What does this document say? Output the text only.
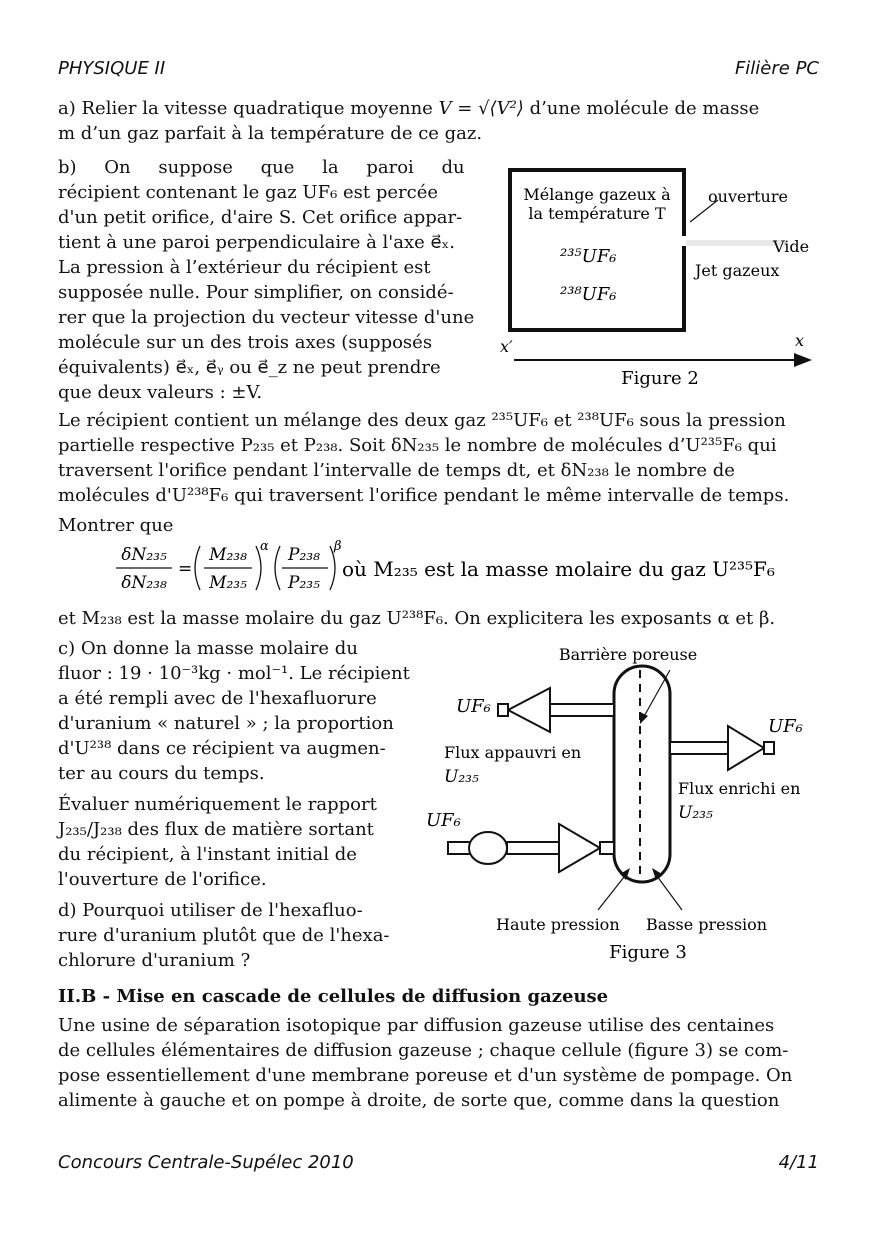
PHYSIQUE II	Filière PC
a) Relier la vitesse quadratique moyenne V = √⟨V²⟩ d’une molécule de masse
m d’un gaz parfait à la température de ce gaz.

b) On suppose que la paroi du

récipient contenant le gaz UF₆ est percée

d'un petit orifice, d'aire S. Cet orifice appar-

tient à une paroi perpendiculaire à l'axe e⃗ₓ.

La pression à l’extérieur du récipient est

supposée nulle. Pour simplifier, on considé-

rer que la projection du vecteur vitesse d'une

molécule sur un des trois axes (supposés

équivalents) e⃗ₓ, e⃗ᵧ ou e⃗_z ne peut prendre

que deux valeurs : ±V.

Mélange gazeux à
la température T
²³⁵UF₆
²³⁸UF₆
ouverture
Vide
Jet gazeux
x′	x
Figure 2

Le récipient contient un mélange des deux gaz ²³⁵UF₆ et ²³⁸UF₆ sous la pression

partielle respective P₂₃₅ et P₂₃₈. Soit δN₂₃₅ le nombre de molécules d’U²³⁵F₆ qui

traversent l'orifice pendant l’intervalle de temps dt, et δN₂₃₈ le nombre de

molécules d'U²³⁸F₆ qui traversent l'orifice pendant le même intervalle de temps.

Montrer que

δN₂₃₅
δN₂₃₈
=
M₂₃₈
M₂₃₅
α P₂₃₈
P₂₃₅
β
où M₂₃₅ est la masse molaire du gaz U²³⁵F₆
et M₂₃₈ est la masse molaire du gaz U²³⁸F₆. On explicitera les exposants α et β.

c) On donne la masse molaire du

fluor : 19 · 10⁻³kg · mol⁻¹. Le récipient

a été rempli avec de l'hexafluorure

d'uranium « naturel » ; la proportion

d'U²³⁸ dans ce récipient va augmen-

ter au cours du temps.

Évaluer numériquement le rapport

J₂₃₅/J₂₃₈ des flux de matière sortant

du récipient, à l'instant initial de

l'ouverture de l'orifice.

d) Pourquoi utiliser de l'hexafluo-

rure d'uranium plutôt que de l'hexa-

chlorure d'uranium ?

Barrière poreuse
UF₆
UF₆
UF₆
Flux appauvri en
U₂₃₅
Flux enrichi en
U₂₃₅
Haute pression Basse pression
Figure 3
II.B - Mise en cascade de cellules de diffusion gazeuse

Une usine de séparation isotopique par diffusion gazeuse utilise des centaines

de cellules élémentaires de diffusion gazeuse ; chaque cellule (figure 3) se com-

pose essentiellement d'une membrane poreuse et d'un système de pompage. On

alimente à gauche et on pompe à droite, de sorte que, comme dans la question

Concours Centrale-Supélec 2010	4/11
